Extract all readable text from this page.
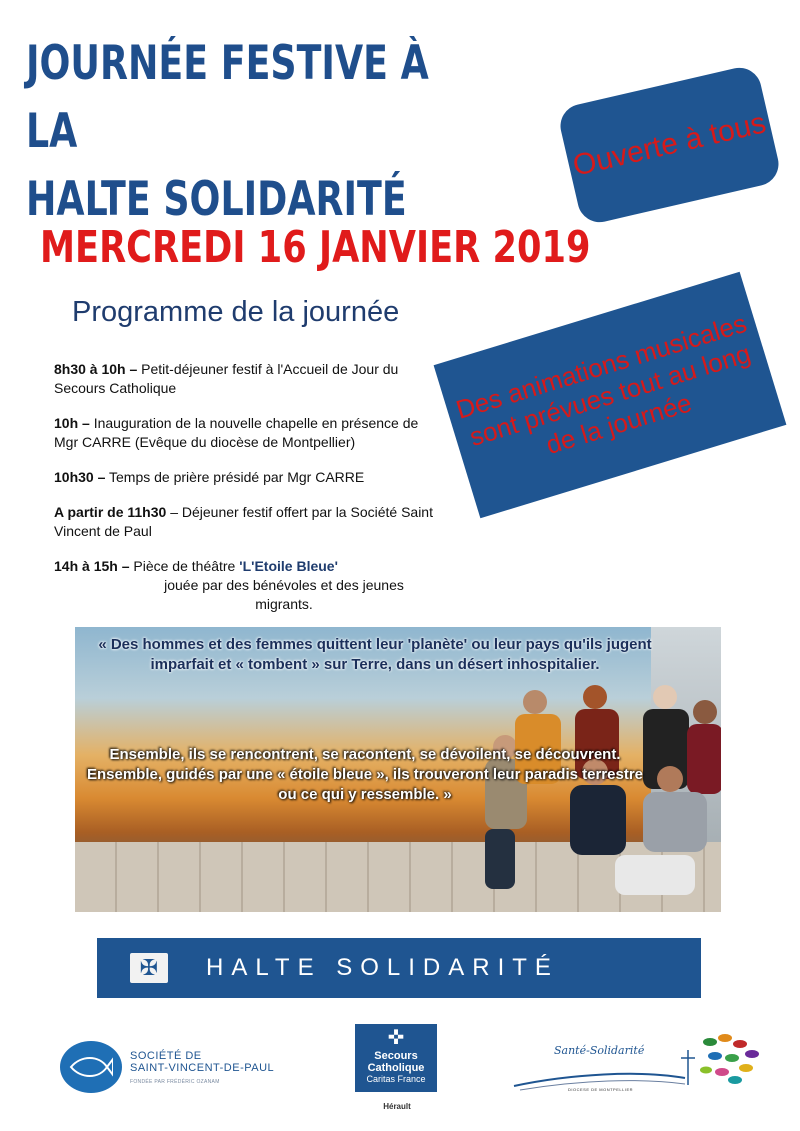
JOURNÉE FESTIVE À LA
HALTE SOLIDARITÉ
Ouverte à tous
MERCREDI 16 JANVIER 2019
Programme de la journée Des animations musicales sont prévues tout au long de la journée
8h30 à 10h – Petit-déjeuner festif à l'Accueil de Jour du Secours Catholique
10h – Inauguration de la nouvelle chapelle en présence de Mgr CARRE (Evêque du diocèse de Montpellier)
10h30 – Temps de prière présidé par Mgr CARRE
A partir de 11h30 – Déjeuner festif offert par la Société Saint Vincent de Paul
14h à 15h – Pièce de théâtre 'L'Etoile Bleue'
jouée par des bénévoles et des jeunes migrants.
« Des hommes et des femmes quittent leur 'planète' ou leur pays qu'ils jugent imparfait et « tombent » sur Terre, dans un désert inhospitalier.
Ensemble, ils se rencontrent, se racontent, se dévoilent, se découvrent. Ensemble, guidés par une « étoile bleue », ils trouveront leur paradis terrestre ou ce qui y ressemble. »
✠	HALTE SOLIDARITÉ
SOCIÉTÉ DE
SAINT-VINCENT-DE-PAUL
FONDÉE PAR FRÉDÉRIC OZANAM
✜
Secours
Catholique
Caritas France
Hérault
Santé-Solidarité
DIOCESE DE MONTPELLIER
